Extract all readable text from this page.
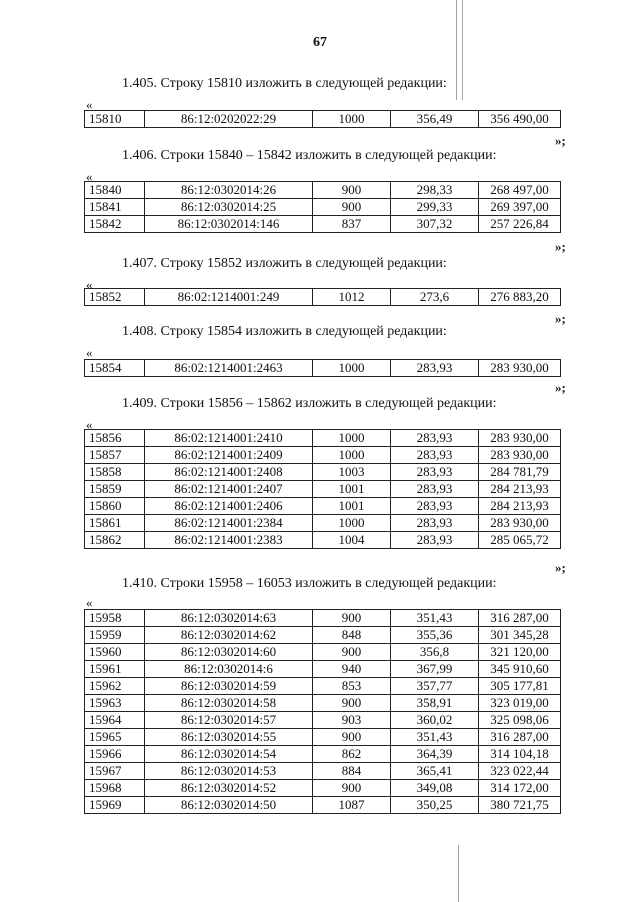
67
1.405. Строку 15810 изложить в следующей редакции:
«
15810	86:12:0202022:29	1000	356,49	356 490,00
»;
1.406. Строки 15840 – 15842 изложить в следующей редакции:
«
15840	86:12:0302014:26	900	298,33	268 497,00
15841	86:12:0302014:25	900	299,33	269 397,00
15842	86:12:0302014:146	837	307,32	257 226,84
»;
1.407. Строку 15852 изложить в следующей редакции:
«
15852	86:02:1214001:249	1012	273,6	276 883,20
»;
1.408. Строку 15854 изложить в следующей редакции:
«
15854	86:02:1214001:2463	1000	283,93	283 930,00
»;
1.409. Строки 15856 – 15862 изложить в следующей редакции:
«
15856	86:02:1214001:2410	1000	283,93	283 930,00
15857	86:02:1214001:2409	1000	283,93	283 930,00
15858	86:02:1214001:2408	1003	283,93	284 781,79
15859	86:02:1214001:2407	1001	283,93	284 213,93
15860	86:02:1214001:2406	1001	283,93	284 213,93
15861	86:02:1214001:2384	1000	283,93	283 930,00
15862	86:02:1214001:2383	1004	283,93	285 065,72
»;
1.410. Строки 15958 – 16053 изложить в следующей редакции:
«
15958	86:12:0302014:63	900	351,43	316 287,00
15959	86:12:0302014:62	848	355,36	301 345,28
15960	86:12:0302014:60	900	356,8	321 120,00
15961	86:12:0302014:6	940	367,99	345 910,60
15962	86:12:0302014:59	853	357,77	305 177,81
15963	86:12:0302014:58	900	358,91	323 019,00
15964	86:12:0302014:57	903	360,02	325 098,06
15965	86:12:0302014:55	900	351,43	316 287,00
15966	86:12:0302014:54	862	364,39	314 104,18
15967	86:12:0302014:53	884	365,41	323 022,44
15968	86:12:0302014:52	900	349,08	314 172,00
15969	86:12:0302014:50	1087	350,25	380 721,75
